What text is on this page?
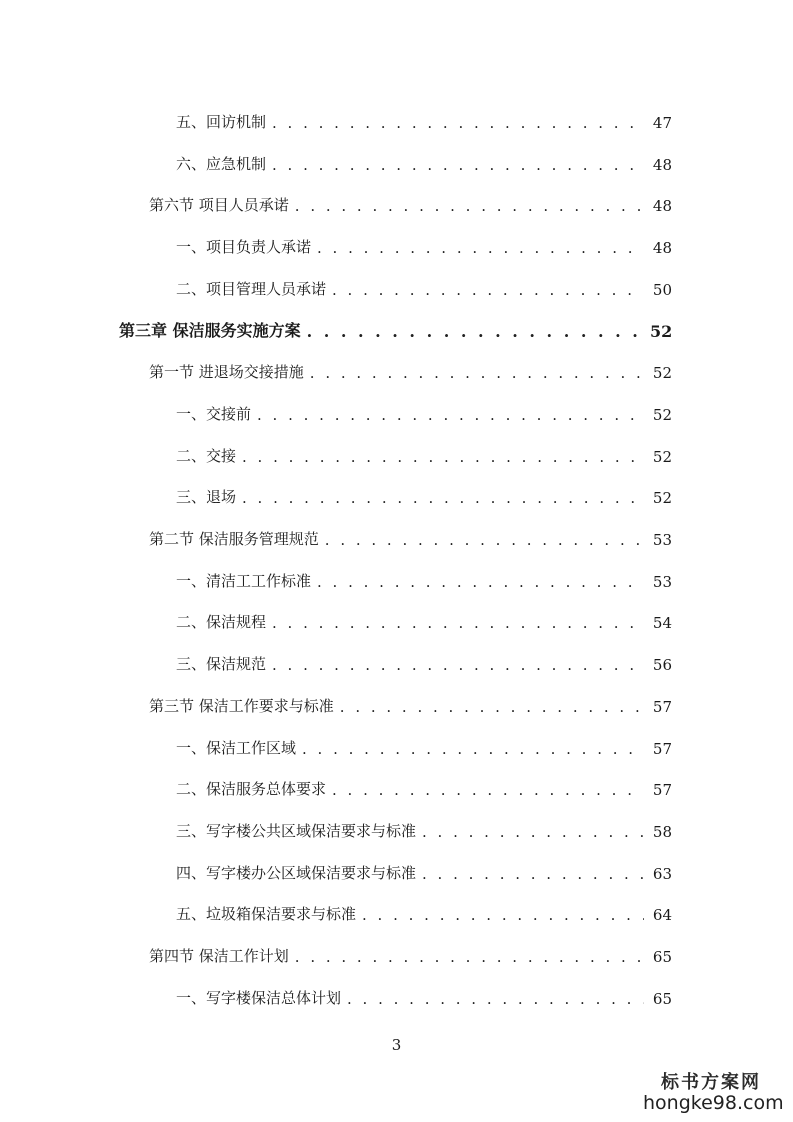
五、回访机制 . . .	47
六、应急机制 . . .	48
第六节 项目人员承诺 . . .	48
一、项目负责人承诺 . . .	48
二、项目管理人员承诺 . . .	50
第三章 保洁服务实施方案 . . .	52
第一节 进退场交接措施 . . .	52
一、交接前 . . .	52
二、交接 . . .	52
三、退场 . . .	52
第二节 保洁服务管理规范 . . .	53
一、清洁工工作标准 . . .	53
二、保洁规程 . . .	54
三、保洁规范 . . .	56
第三节 保洁工作要求与标准 . . .	57
一、保洁工作区域 . . .	57
二、保洁服务总体要求 . . .	57
三、写字楼公共区域保洁要求与标准 . . .	58
四、写字楼办公区域保洁要求与标准 . . .	63
五、垃圾箱保洁要求与标准 . . .	64
第四节 保洁工作计划 . . .	65
一、写字楼保洁总体计划 . . .	65
3
标书方案网
hongke98.com
